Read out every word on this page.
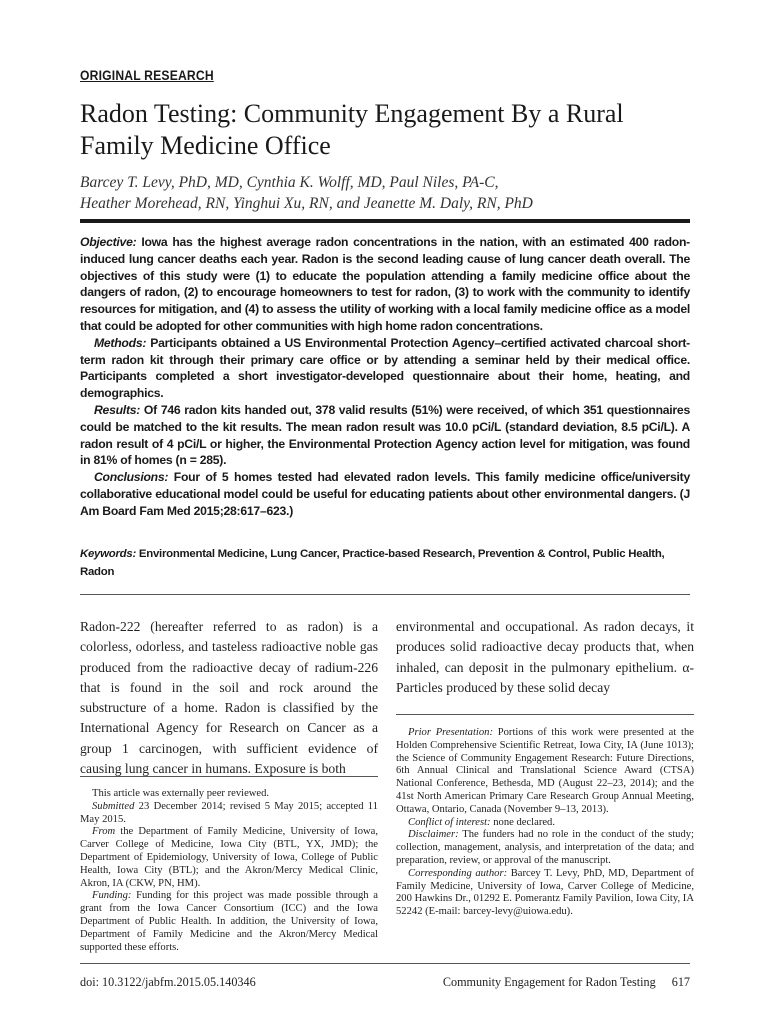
ORIGINAL RESEARCH
Radon Testing: Community Engagement By a Rural Family Medicine Office
Barcey T. Levy, PhD, MD, Cynthia K. Wolff, MD, Paul Niles, PA-C,
Heather Morehead, RN, Yinghui Xu, RN, and Jeanette M. Daly, RN, PhD

Objective: Iowa has the highest average radon concentrations in the nation, with an estimated 400 radon-induced lung cancer deaths each year. Radon is the second leading cause of lung cancer death overall. The objectives of this study were (1) to educate the population attending a family medicine office about the dangers of radon, (2) to encourage homeowners to test for radon, (3) to work with the community to identify resources for mitigation, and (4) to assess the utility of working with a local family medicine office as a model that could be adopted for other communities with high home radon concentrations.

Methods: Participants obtained a US Environmental Protection Agency–certified activated charcoal short-term radon kit through their primary care office or by attending a seminar held by their medical office. Participants completed a short investigator-developed questionnaire about their home, heating, and demographics.

Results: Of 746 radon kits handed out, 378 valid results (51%) were received, of which 351 questionnaires could be matched to the kit results. The mean radon result was 10.0 pCi/L (standard deviation, 8.5 pCi/L). A radon result of 4 pCi/L or higher, the Environmental Protection Agency action level for mitigation, was found in 81% of homes (n = 285).

Conclusions: Four of 5 homes tested had elevated radon levels. This family medicine office/university collaborative educational model could be useful for educating patients about other environmental dangers. (J Am Board Fam Med 2015;28:617–623.)

Keywords: Environmental Medicine, Lung Cancer, Practice-based Research, Prevention & Control, Public Health, Radon
Radon-222 (hereafter referred to as radon) is a colorless, odorless, and tasteless radioactive noble gas produced from the radioactive decay of radium-226 that is found in the soil and rock around the substructure of a home. Radon is classified by the International Agency for Research on Cancer as a group 1 carcinogen, with sufficient evidence of causing lung cancer in humans. Exposure is both
environmental and occupational. As radon decays, it produces solid radioactive decay products that, when inhaled, can deposit in the pulmonary epithelium. α-Particles produced by these solid decay

This article was externally peer reviewed.

Submitted 23 December 2014; revised 5 May 2015; accepted 11 May 2015.

From the Department of Family Medicine, University of Iowa, Carver College of Medicine, Iowa City (BTL, YX, JMD); the Department of Epidemiology, University of Iowa, College of Public Health, Iowa City (BTL); and the Akron/Mercy Medical Clinic, Akron, IA (CKW, PN, HM).

Funding: Funding for this project was made possible through a grant from the Iowa Cancer Consortium (ICC) and the Iowa Department of Public Health. In addition, the University of Iowa, Department of Family Medicine and the Akron/Mercy Medical supported these efforts.

Prior Presentation: Portions of this work were presented at the Holden Comprehensive Scientific Retreat, Iowa City, IA (June 1013); the Science of Community Engagement Research: Future Directions, 6th Annual Clinical and Translational Science Award (CTSA) National Conference, Bethesda, MD (August 22–23, 2014); and the 41st North American Primary Care Research Group Annual Meeting, Ottawa, Ontario, Canada (November 9–13, 2013).

Conflict of interest: none declared.

Disclaimer: The funders had no role in the conduct of the study; collection, management, analysis, and interpretation of the data; and preparation, review, or approval of the manuscript.

Corresponding author: Barcey T. Levy, PhD, MD, Department of Family Medicine, University of Iowa, Carver College of Medicine, 200 Hawkins Dr., 01292 E. Pomerantz Family Pavilion, Iowa City, IA 52242 (E-mail: barcey-levy@uiowa.edu).

doi: 10.3122/jabfm.2015.05.140346	Community Engagement for Radon Testing 617
